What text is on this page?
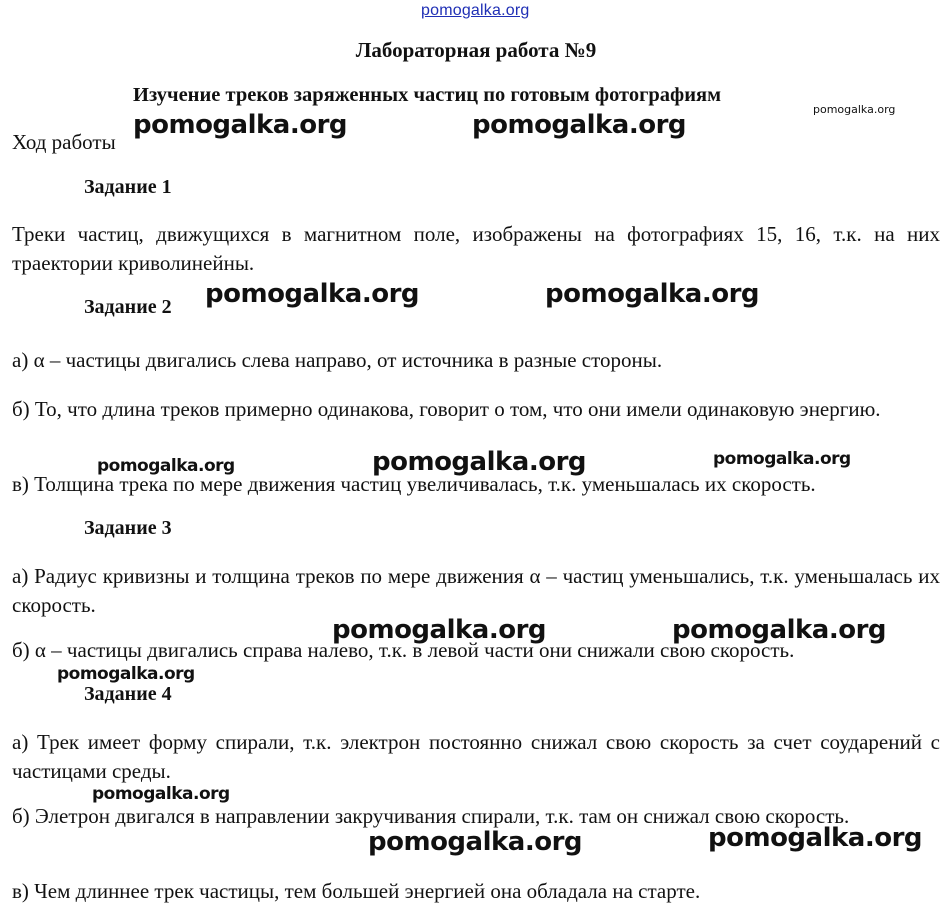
pomogalka.org
Лабораторная работа №9
Изучение треков заряженных частиц по готовым фотографиям
Ход работы
Задание 1
Треки частиц, движущихся в магнитном поле, изображены на фотографиях 15, 16, т.к. на них траектории криволинейны.
Задание 2
а) α – частицы двигались слева направо, от источника в разные стороны.
б) То, что длина треков примерно одинакова, говорит о том, что они имели одинаковую энергию.
в) Толщина трека по мере движения частиц увеличивалась, т.к. уменьшалась их скорость.
Задание 3
а) Радиус кривизны и толщина треков по мере движения α – частиц уменьшались, т.к. уменьшалась их скорость.
б) α – частицы двигались справа налево, т.к. в левой части они снижали свою скорость.
Задание 4
а) Трек имеет форму спирали, т.к. электрон постоянно снижал свою скорость за счет соударений с частицами среды.
б) Элетрон двигался в направлении закручивания спирали, т.к. там он снижал свою скорость.
в) Чем длиннее трек частицы, тем большей энергией она обладала на старте.
pomogalka.org
pomogalka.org	pomogalka.org
pomogalka.org	pomogalka.org
pomogalka.org	pomogalka.org	pomogalka.org
pomogalka.org	pomogalka.org
pomogalka.org
pomogalka.org
pomogalka.org	pomogalka.org
